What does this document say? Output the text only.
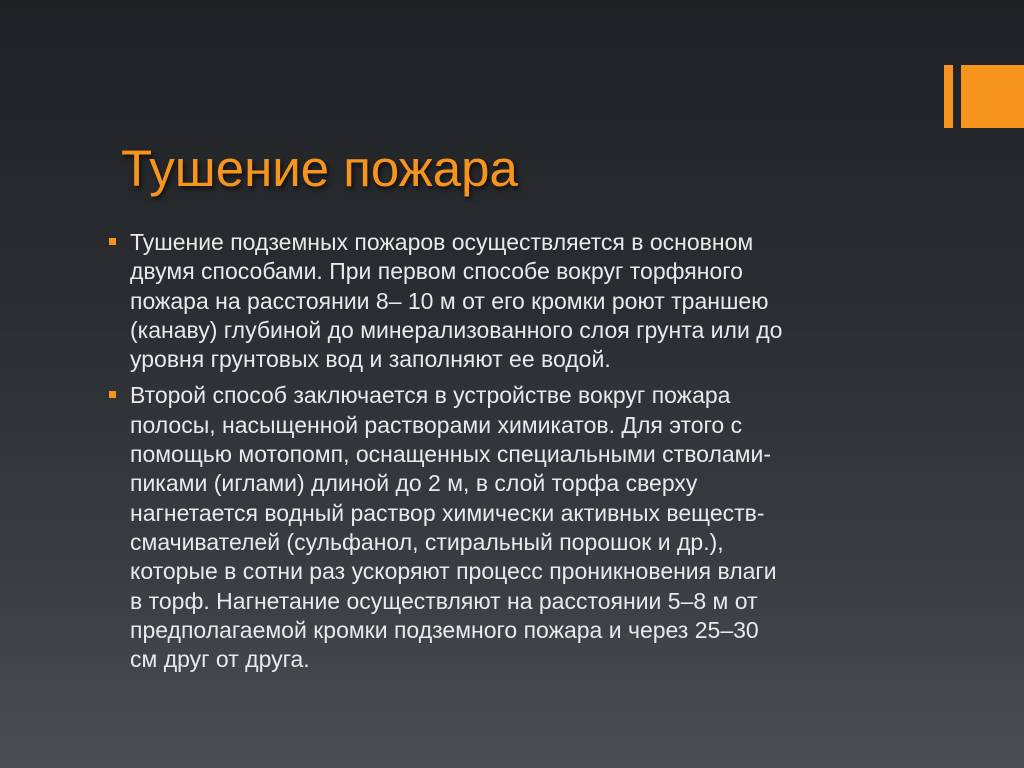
Тушение пожара
Тушение подземных пожаров осуществляется в основном
двумя способами. При первом способе вокруг торфяного
пожара на расстоянии 8– 10 м от его кромки роют траншею
(канаву) глубиной до минерализованного слоя грунта или до
уровня грунтовых вод и заполняют ее водой.
Второй способ заключается в устройстве вокруг пожара
полосы, насыщенной растворами химикатов. Для этого с
помощью мотопомп, оснащенных специальными стволами-
пиками (иглами) длиной до 2 м, в слой торфа сверху
нагнетается водный раствор химически активных веществ-
смачивателей (сульфанол, стиральный порошок и др.),
которые в сотни раз ускоряют процесс проникновения влаги
в торф. Нагнетание осуществляют на расстоянии 5–8 м от
предполагаемой кромки подземного пожара и через 25–30
см друг от друга.
